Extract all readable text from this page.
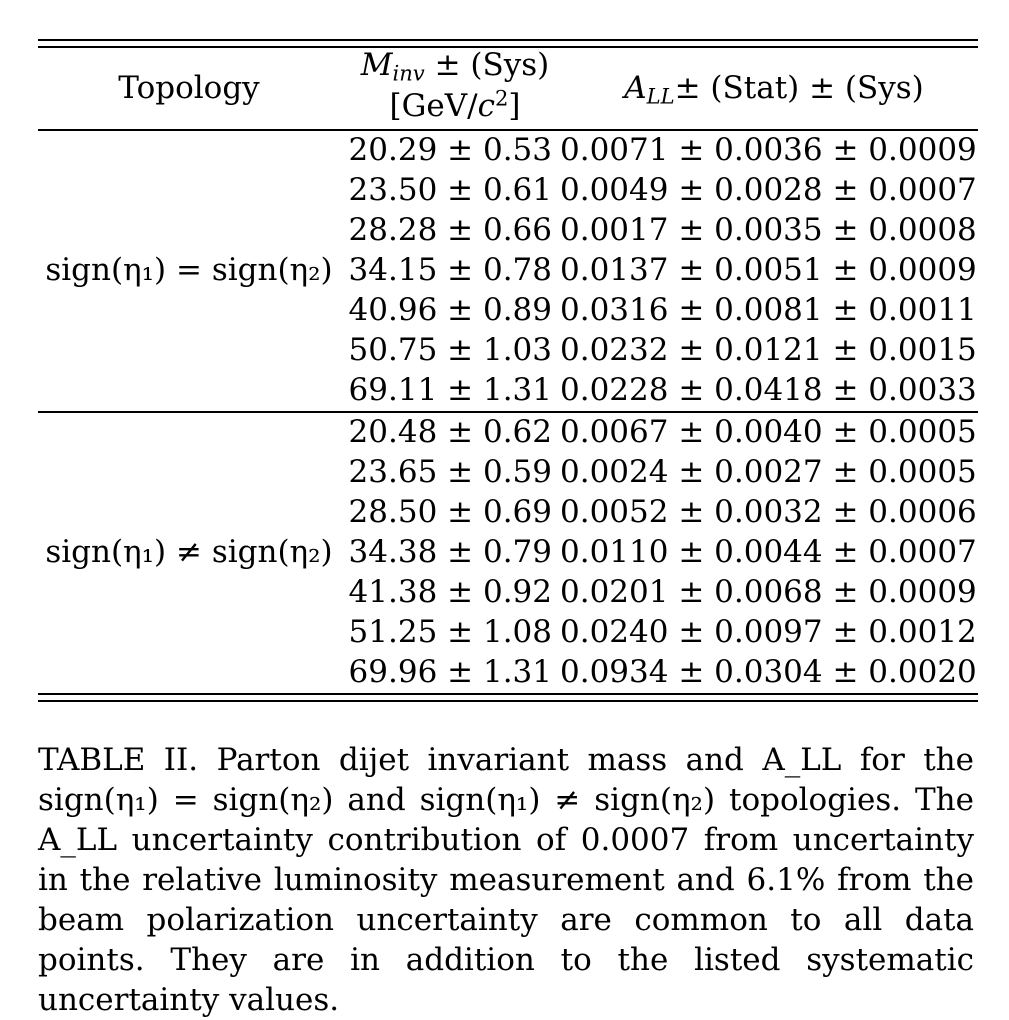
Topology
$M_{inv} \pm (Sys)$
$[GeV/c^2]$	$A_{LL}\pm$ (Stat) ± (Sys)
sign(η₁) = sign(η₂)
sign(η₁) ≠ sign(η₂)
20.29 ± 0.53 0.0071 ± 0.0036 ± 0.0009
23.50 ± 0.61 0.0049 ± 0.0028 ± 0.0007
28.28 ± 0.66 0.0017 ± 0.0035 ± 0.0008
34.15 ± 0.78 0.0137 ± 0.0051 ± 0.0009
40.96 ± 0.89 0.0316 ± 0.0081 ± 0.0011
50.75 ± 1.03 0.0232 ± 0.0121 ± 0.0015
69.11 ± 1.31 0.0228 ± 0.0418 ± 0.0033
20.48 ± 0.62 0.0067 ± 0.0040 ± 0.0005
23.65 ± 0.59 0.0024 ± 0.0027 ± 0.0005
28.50 ± 0.69 0.0052 ± 0.0032 ± 0.0006
34.38 ± 0.79 0.0110 ± 0.0044 ± 0.0007
41.38 ± 0.92 0.0201 ± 0.0068 ± 0.0009
51.25 ± 1.08 0.0240 ± 0.0097 ± 0.0012
69.96 ± 1.31 0.0934 ± 0.0304 ± 0.0020
TABLE II. Parton dijet invariant mass and A_LL for the sign(η₁) = sign(η₂) and sign(η₁) ≠ sign(η₂) topologies. The A_LL uncertainty contribution of 0.0007 from uncertainty in the relative luminosity measurement and 6.1% from the beam polarization uncertainty are common to all data points. They are in addition to the listed systematic uncertainty values.
